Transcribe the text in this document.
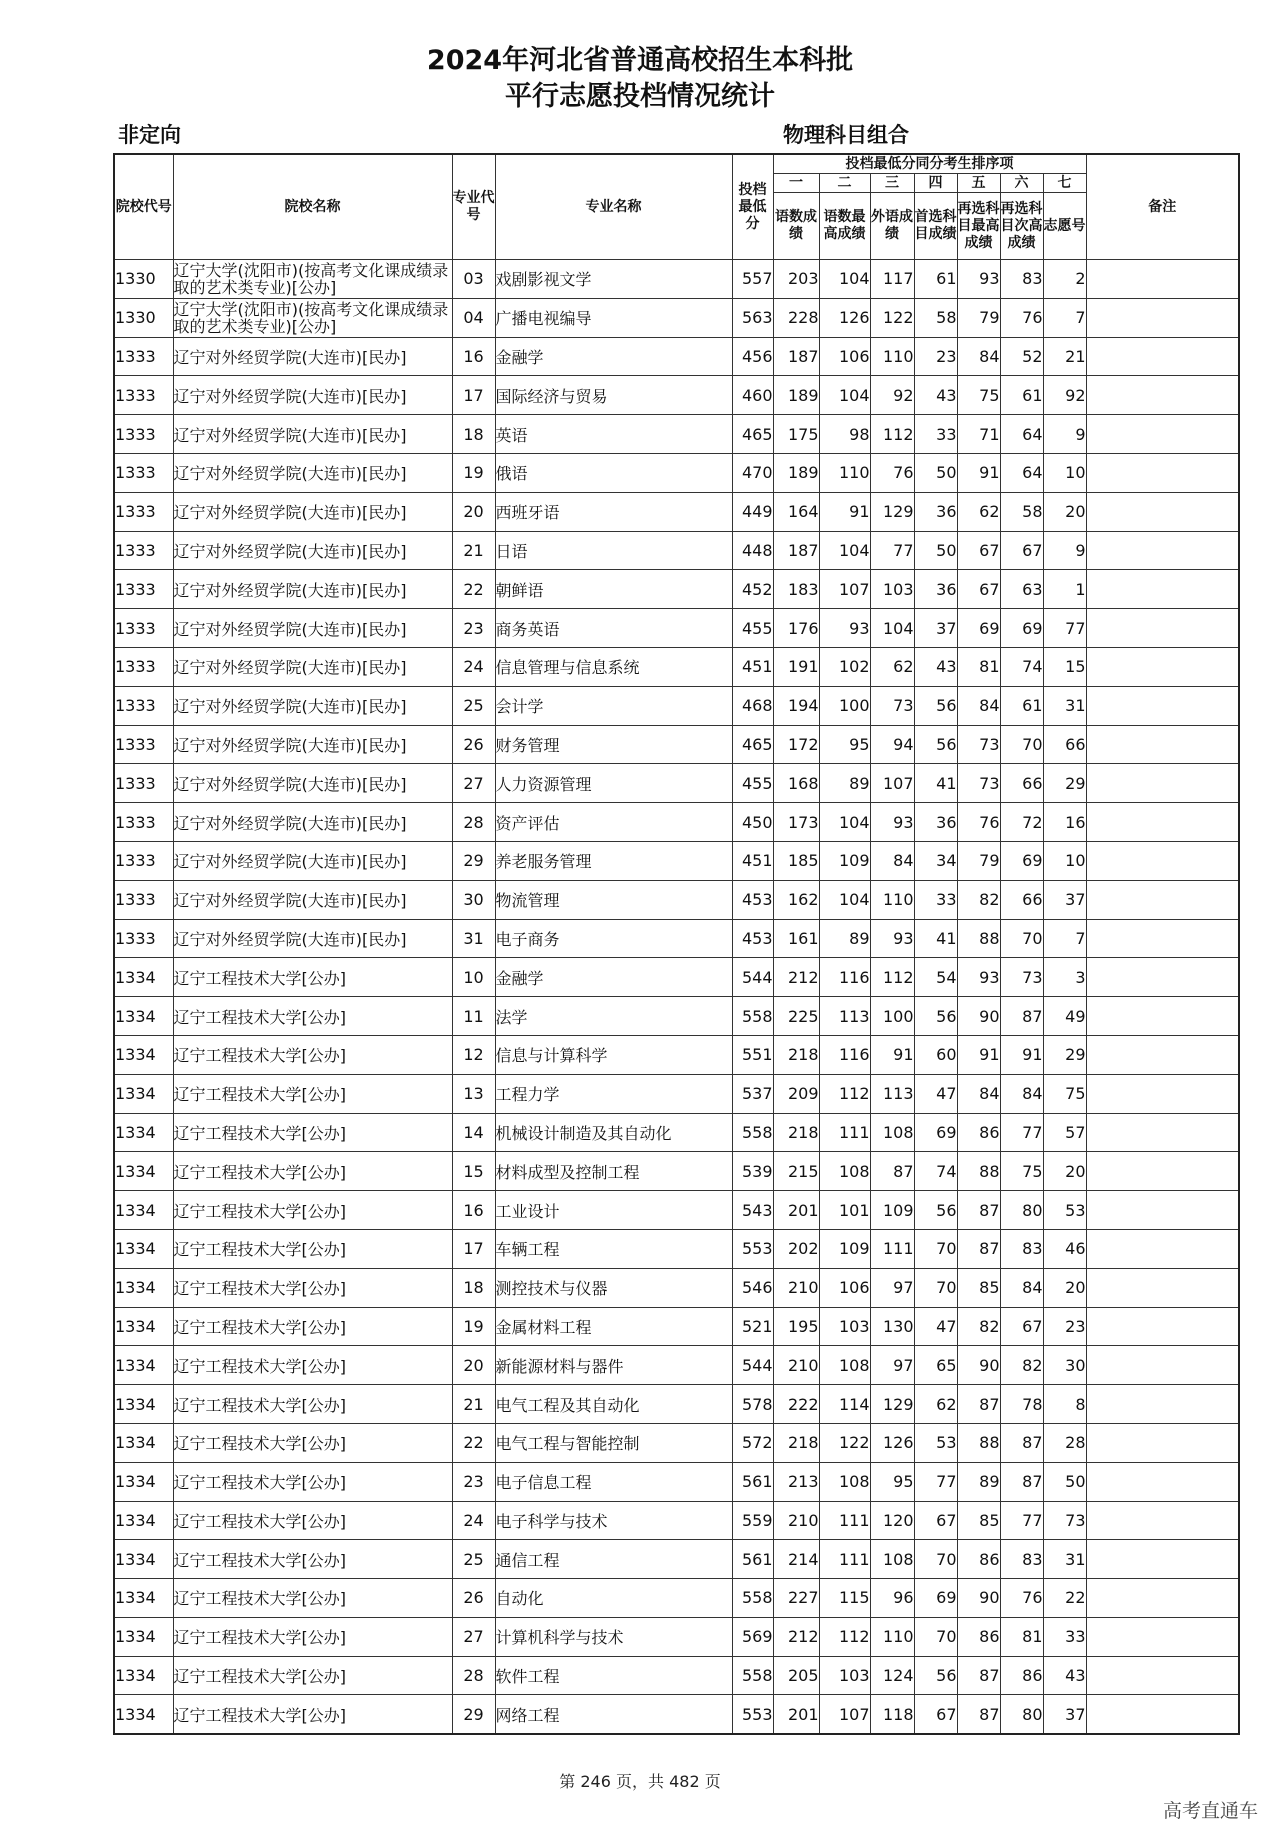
2024年河北省普通高校招生本科批
平行志愿投档情况统计
非定向	物理科目组合
院校代号	院校名称	专业代号	专业名称	投档最低分	投档最低分同分考生排序项							备注
					一	二	三	四	五	六	七	
					语数成绩	语数最高成绩	外语成绩	首选科目成绩	再选科目最高成绩	再选科目次高成绩	志愿号	
1330	辽宁大学(沈阳市)(按高考文化课成绩录取的艺术类专业)[公办]	03	戏剧影视文学	557	203	104	117	61	93	83	2	
1330	辽宁大学(沈阳市)(按高考文化课成绩录取的艺术类专业)[公办]	04	广播电视编导	563	228	126	122	58	79	76	7	
1333	辽宁对外经贸学院(大连市)[民办]	16	金融学	456	187	106	110	23	84	52	21	
1333	辽宁对外经贸学院(大连市)[民办]	17	国际经济与贸易	460	189	104	92	43	75	61	92	
1333	辽宁对外经贸学院(大连市)[民办]	18	英语	465	175	98	112	33	71	64	9	
1333	辽宁对外经贸学院(大连市)[民办]	19	俄语	470	189	110	76	50	91	64	10	
1333	辽宁对外经贸学院(大连市)[民办]	20	西班牙语	449	164	91	129	36	62	58	20	
1333	辽宁对外经贸学院(大连市)[民办]	21	日语	448	187	104	77	50	67	67	9	
1333	辽宁对外经贸学院(大连市)[民办]	22	朝鲜语	452	183	107	103	36	67	63	1	
1333	辽宁对外经贸学院(大连市)[民办]	23	商务英语	455	176	93	104	37	69	69	77	
1333	辽宁对外经贸学院(大连市)[民办]	24	信息管理与信息系统	451	191	102	62	43	81	74	15	
1333	辽宁对外经贸学院(大连市)[民办]	25	会计学	468	194	100	73	56	84	61	31	
1333	辽宁对外经贸学院(大连市)[民办]	26	财务管理	465	172	95	94	56	73	70	66	
1333	辽宁对外经贸学院(大连市)[民办]	27	人力资源管理	455	168	89	107	41	73	66	29	
1333	辽宁对外经贸学院(大连市)[民办]	28	资产评估	450	173	104	93	36	76	72	16	
1333	辽宁对外经贸学院(大连市)[民办]	29	养老服务管理	451	185	109	84	34	79	69	10	
1333	辽宁对外经贸学院(大连市)[民办]	30	物流管理	453	162	104	110	33	82	66	37	
1333	辽宁对外经贸学院(大连市)[民办]	31	电子商务	453	161	89	93	41	88	70	7	
1334	辽宁工程技术大学[公办]	10	金融学	544	212	116	112	54	93	73	3	
1334	辽宁工程技术大学[公办]	11	法学	558	225	113	100	56	90	87	49	
1334	辽宁工程技术大学[公办]	12	信息与计算科学	551	218	116	91	60	91	91	29	
1334	辽宁工程技术大学[公办]	13	工程力学	537	209	112	113	47	84	84	75	
1334	辽宁工程技术大学[公办]	14	机械设计制造及其自动化	558	218	111	108	69	86	77	57	
1334	辽宁工程技术大学[公办]	15	材料成型及控制工程	539	215	108	87	74	88	75	20	
1334	辽宁工程技术大学[公办]	16	工业设计	543	201	101	109	56	87	80	53	
1334	辽宁工程技术大学[公办]	17	车辆工程	553	202	109	111	70	87	83	46	
1334	辽宁工程技术大学[公办]	18	测控技术与仪器	546	210	106	97	70	85	84	20	
1334	辽宁工程技术大学[公办]	19	金属材料工程	521	195	103	130	47	82	67	23	
1334	辽宁工程技术大学[公办]	20	新能源材料与器件	544	210	108	97	65	90	82	30	
1334	辽宁工程技术大学[公办]	21	电气工程及其自动化	578	222	114	129	62	87	78	8	
1334	辽宁工程技术大学[公办]	22	电气工程与智能控制	572	218	122	126	53	88	87	28	
1334	辽宁工程技术大学[公办]	23	电子信息工程	561	213	108	95	77	89	87	50	
1334	辽宁工程技术大学[公办]	24	电子科学与技术	559	210	111	120	67	85	77	73	
1334	辽宁工程技术大学[公办]	25	通信工程	561	214	111	108	70	86	83	31	
1334	辽宁工程技术大学[公办]	26	自动化	558	227	115	96	69	90	76	22	
1334	辽宁工程技术大学[公办]	27	计算机科学与技术	569	212	112	110	70	86	81	33	
1334	辽宁工程技术大学[公办]	28	软件工程	558	205	103	124	56	87	86	43	
1334	辽宁工程技术大学[公办]	29	网络工程	553	201	107	118	67	87	80	37	
第 246 页，共 482 页
高考直通车
